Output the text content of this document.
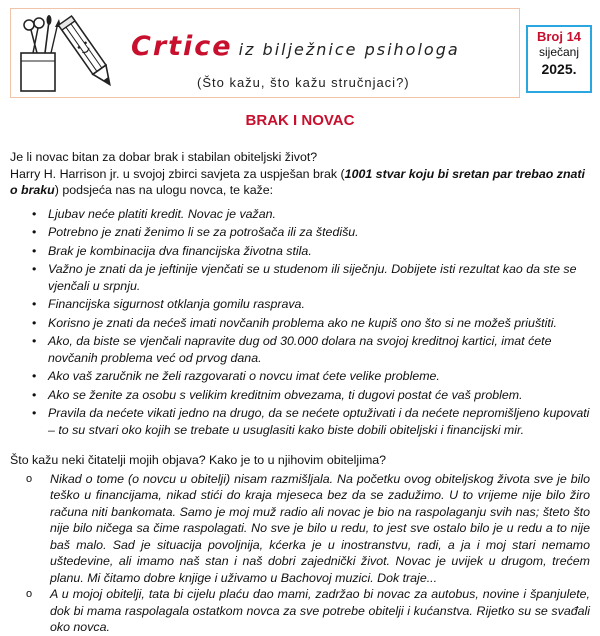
Crtice iz bilježnice psihologa
(Što kažu, što kažu stručnjaci?)
Broj 14
siječanj
2025.
BRAK I NOVAC

Je li novac bitan za dobar brak i stabilan obiteljski život?

Harry H. Harrison jr. u svojoj zbirci savjeta za uspješan brak (1001 stvar koju bi sretan par trebao znati o braku) podsjeća nas na ulogu novca, te kaže:

• Ljubav neće platiti kredit. Novac je važan.
• Potrebno je znati ženimo li se za potrošača ili za štedišu.
• Brak je kombinacija dva financijska životna stila.
• Važno je znati da je jeftinije vjenčati se u studenom ili siječnju. Dobijete isti rezultat kao da ste se vjenčali u srpnju.
• Financijska sigurnost otklanja gomilu rasprava.
• Korisno je znati da nećeš imati novčanih problema ako ne kupiš ono što si ne možeš priuštiti.
• Ako, da biste se vjenčali napravite dug od 30.000 dolara na svojoj kreditnoj kartici, imat ćete novčanih problema već od prvog dana.
• Ako vaš zaručnik ne želi razgovarati o novcu imat ćete velike probleme.
• Ako se ženite za osobu s velikim kreditnim obvezama, ti dugovi postat će vaš problem.
• Pravila da nećete vikati jedno na drugo, da se nećete optuživati i da nećete nepromišljeno kupovati – to su stvari oko kojih se trebate u usuglasiti kako biste dobili obiteljski i financijski mir.

Što kažu neki čitatelji mojih objava? Kako je to u njihovim obiteljima?

o Nikad o tome (o novcu u obitelji) nisam razmišljala. Na početku ovog obiteljskog života sve je bilo teško u financijama, nikad stići do kraja mjeseca bez da se zadužimo. U to vrijeme nije bilo žiro računa niti bankomata. Samo je moj muž radio ali novac je bio na raspolaganju svih nas; šteto što nije bilo ničega sa čime raspolagati. No sve je bilo u redu, to jest sve ostalo bilo je u redu a to nije baš malo. Sad je situacija povoljnija, kćerka je u inostranstvu, radi, a ja i moj stari nemamo uštedevine, ali imamo naš stan i naš dobri zajednički život. Novac je uvijek u drugom, trećem planu. Mi čitamo dobre knjige i uživamo u Bachovoj muzici. Dok traje...
o A u mojoj obitelji, tata bi cijelu plaću dao mami, zadržao bi novac za autobus, novine i španjulete, dok bi mama raspolagala ostatkom novca za sve potrebe obitelji i kućanstva. Rijetko su se svađali oko novca.
